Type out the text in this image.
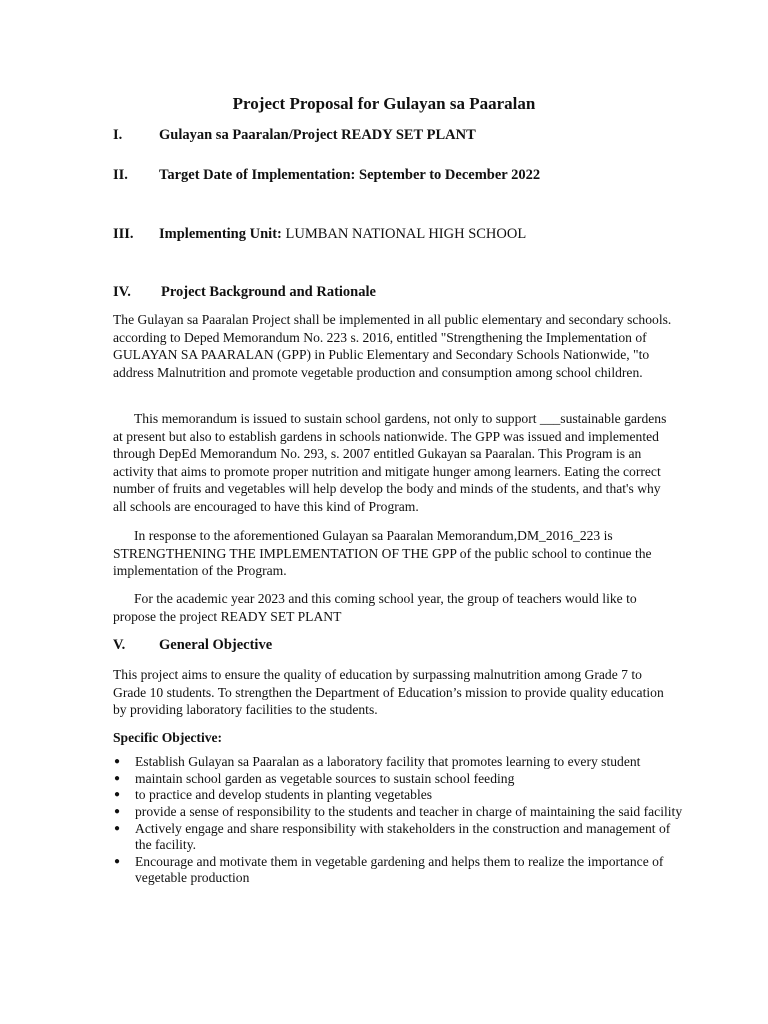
Project Proposal for Gulayan sa Paaralan
I.	Gulayan sa Paaralan/Project READY SET PLANT
II. Target Date of Implementation: September to December 2022
III. Implementing Unit: LUMBAN NATIONAL HIGH SCHOOL
IV. Project Background and Rationale

The Gulayan sa Paaralan Project shall be implemented in all public elementary and secondary schools. according to Deped Memorandum No. 223 s. 2016, entitled "Strengthening the Implementation of GULAYAN SA PAARALAN (GPP) in Public Elementary and Secondary Schools Nationwide, "to address Malnutrition and promote vegetable production and consumption among school children.

This memorandum is issued to sustain school gardens, not only to support ___sustainable gardens at present but also to establish gardens in schools nationwide. The GPP was issued and implemented through DepEd Memorandum No. 293, s. 2007 entitled Gukayan sa Paaralan. This Program is an activity that aims to promote proper nutrition and mitigate hunger among learners. Eating the correct number of fruits and vegetables will help develop the body and minds of the students, and that's why all schools are encouraged to have this kind of Program.

In response to the aforementioned Gulayan sa Paaralan Memorandum,DM_2016_223 is STRENGTHENING THE IMPLEMENTATION OF THE GPP of the public school to continue the implementation of the Program.

For the academic year 2023 and this coming school year, the group of teachers would like to propose the project READY SET PLANT

V. General Objective

This project aims to ensure the quality of education by surpassing malnutrition among Grade 7 to Grade 10 students. To strengthen the Department of Education’s mission to provide quality education by providing laboratory facilities to the students.

Specific Objective:
● Establish Gulayan sa Paaralan as a laboratory facility that promotes learning to every student
● maintain school garden as vegetable sources to sustain school feeding
● to practice and develop students in planting vegetables
● provide a sense of responsibility to the students and teacher in charge of maintaining the said facility
● Actively engage and share responsibility with stakeholders in the construction and management of the facility.
● Encourage and motivate them in vegetable gardening and helps them to realize the importance of vegetable production
